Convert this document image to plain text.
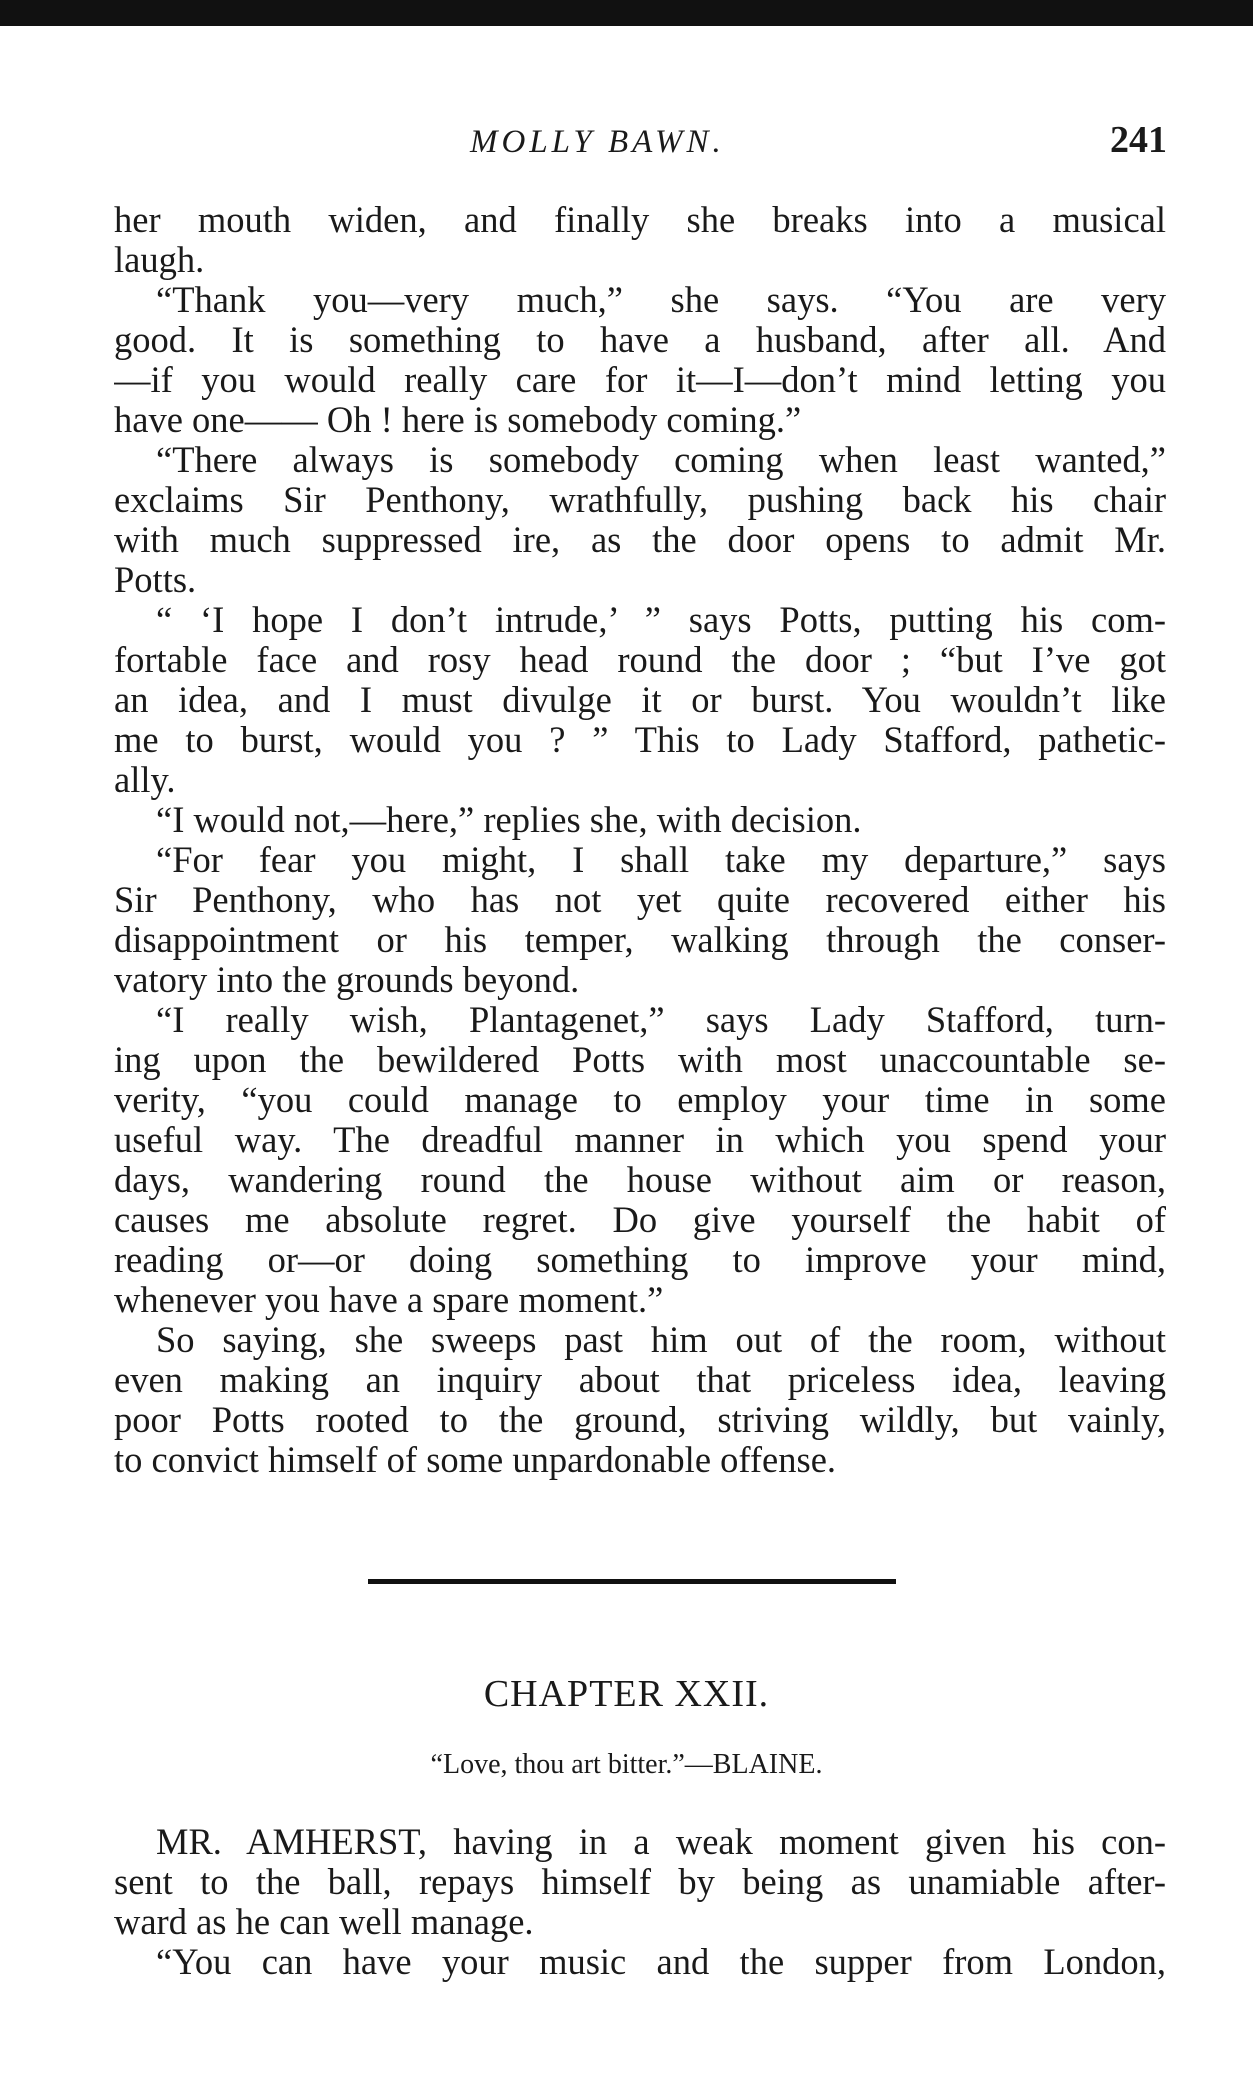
MOLLY BAWN.	241
her mouth widen, and finally she breaks into a musical
laugh.
“Thank you—very much,” she says. “You are very
good. It is something to have a husband, after all. And
—if you would really care for it—I—don’t mind letting you
have one—— Oh ! here is somebody coming.”
“There always is somebody coming when least wanted,”
exclaims Sir Penthony, wrathfully, pushing back his chair
with much suppressed ire, as the door opens to admit Mr.
Potts.
“ ‘I hope I don’t intrude,’ ” says Potts, putting his com-
fortable face and rosy head round the door ; “but I’ve got
an idea, and I must divulge it or burst. You wouldn’t like
me to burst, would you ? ” This to Lady Stafford, pathetic-
ally.
“I would not,—here,” replies she, with decision.
“For fear you might, I shall take my departure,” says
Sir Penthony, who has not yet quite recovered either his
disappointment or his temper, walking through the conser-
vatory into the grounds beyond.
“I really wish, Plantagenet,” says Lady Stafford, turn-
ing upon the bewildered Potts with most unaccountable se-
verity, “you could manage to employ your time in some
useful way. The dreadful manner in which you spend your
days, wandering round the house without aim or reason,
causes me absolute regret. Do give yourself the habit of
reading or—or doing something to improve your mind,
whenever you have a spare moment.”
So saying, she sweeps past him out of the room, without
even making an inquiry about that priceless idea, leaving
poor Potts rooted to the ground, striving wildly, but vainly,
to convict himself of some unpardonable offense.
CHAPTER XXII.
“Love, thou art bitter.”—BLAINE.
MR. AMHERST, having in a weak moment given his con-
sent to the ball, repays himself by being as unamiable after-
ward as he can well manage.
“You can have your music and the supper from London,
